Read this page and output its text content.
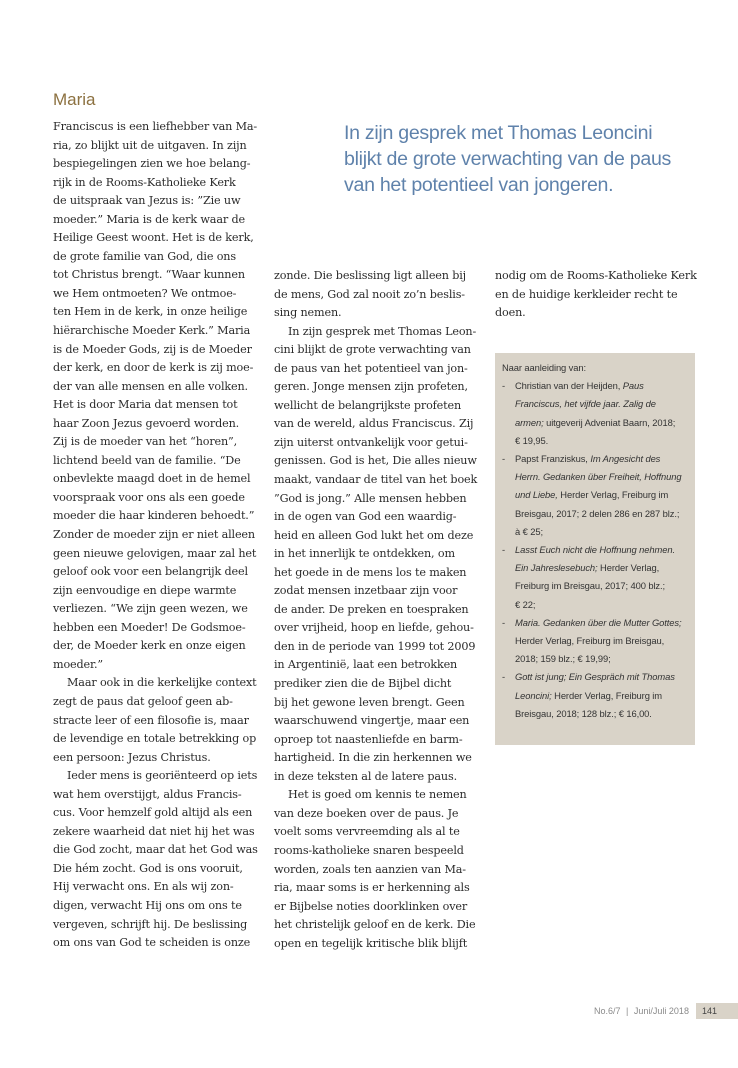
Maria
In zijn gesprek met Thomas Leoncini
blijkt de grote verwachting van de paus
van het potentieel van jongeren.

Franciscus is een liefhebber van Ma-
ria, zo blijkt uit de uitgaven. In zijn
bespiegelingen zien we hoe belang-
rijk in de Rooms-Katholieke Kerk
de uitspraak van Jezus is: ”Zie uw
moeder.” Maria is de kerk waar de
Heilige Geest woont. Het is de kerk,
de grote familie van God, die ons
tot Christus brengt. “Waar kunnen
we Hem ontmoeten? We ontmoe-
ten Hem in de kerk, in onze heilige
hiërarchische Moeder Kerk.” Maria
is de Moeder Gods, zij is de Moeder
der kerk, en door de kerk is zij moe-
der van alle mensen en alle volken.
Het is door Maria dat mensen tot
haar Zoon Jezus gevoerd worden.
Zij is de moeder van het “horen”,
lichtend beeld van de familie. “De
onbevlekte maagd doet in de hemel
voorspraak voor ons als een goede
moeder die haar kinderen behoedt.”
Zonder de moeder zijn er niet alleen
geen nieuwe gelovigen, maar zal het
geloof ook voor een belangrijk deel
zijn eenvoudige en diepe warmte
verliezen. “We zijn geen wezen, we
hebben een Moeder! De Godsmoe-
der, de Moeder kerk en onze eigen
moeder.”

Maar ook in die kerkelijke context
zegt de paus dat geloof geen ab-
stracte leer of een filosofie is, maar
de levendige en totale betrekking op
een persoon: Jezus Christus.

Ieder mens is georiënteerd op iets
wat hem overstijgt, aldus Francis-
cus. Voor hemzelf gold altijd als een
zekere waarheid dat niet hij het was
die God zocht, maar dat het God was
Die hém zocht. God is ons vooruit,
Hij verwacht ons. En als wij zon-
digen, verwacht Hij ons om ons te
vergeven, schrijft hij. De beslissing
om ons van God te scheiden is onze

zonde. Die beslissing ligt alleen bij
de mens, God zal nooit zo’n beslis-
sing nemen.

In zijn gesprek met Thomas Leon-
cini blijkt de grote verwachting van
de paus van het potentieel van jon-
geren. Jonge mensen zijn profeten,
wellicht de belangrijkste profeten
van de wereld, aldus Franciscus. Zij
zijn uiterst ontvankelijk voor getui-
genissen. God is het, Die alles nieuw
maakt, vandaar de titel van het boek
”God is jong.” Alle mensen hebben
in de ogen van God een waardig-
heid en alleen God lukt het om deze
in het innerlijk te ontdekken, om
het goede in de mens los te maken
zodat mensen inzetbaar zijn voor
de ander. De preken en toespraken
over vrijheid, hoop en liefde, gehou-
den in de periode van 1999 tot 2009
in Argentinië, laat een betrokken
prediker zien die de Bijbel dicht
bij het gewone leven brengt. Geen
waarschuwend vingertje, maar een
oproep tot naastenliefde en barm-
hartigheid. In die zin herkennen we
in deze teksten al de latere paus.

Het is goed om kennis te nemen
van deze boeken over de paus. Je
voelt soms vervreemding als al te
rooms-katholieke snaren bespeeld
worden, zoals ten aanzien van Ma-
ria, maar soms is er herkenning als
er Bijbelse noties doorklinken over
het christelijk geloof en de kerk. Die
open en tegelijk kritische blik blijft

nodig om de Rooms-Katholieke Kerk
en de huidige kerkleider recht te
doen.

Naar aanleiding van:
- Christian van der Heijden, Paus
Franciscus, het vijfde jaar. Zalig de
armen; uitgeverij Adveniat Baarn, 2018;
€ 19,95.
- Papst Franziskus, Im Angesicht des
Herrn. Gedanken über Freiheit, Hoffnung
und Liebe, Herder Verlag, Freiburg im
Breisgau, 2017; 2 delen 286 en 287 blz.;
à € 25;
- Lasst Euch nicht die Hoffnung nehmen.
Ein Jahreslesebuch; Herder Verlag,
Freiburg im Breisgau, 2017; 400 blz.;
€ 22;
- Maria. Gedanken über die Mutter Gottes;
Herder Verlag, Freiburg im Breisgau,
2018; 159 blz.; € 19,99;
- Gott ist jung; Ein Gespräch mit Thomas
Leoncini; Herder Verlag, Freiburg im
Breisgau, 2018; 128 blz.; € 16,00.
No.6/7 | Juni/Juli 2018	141
